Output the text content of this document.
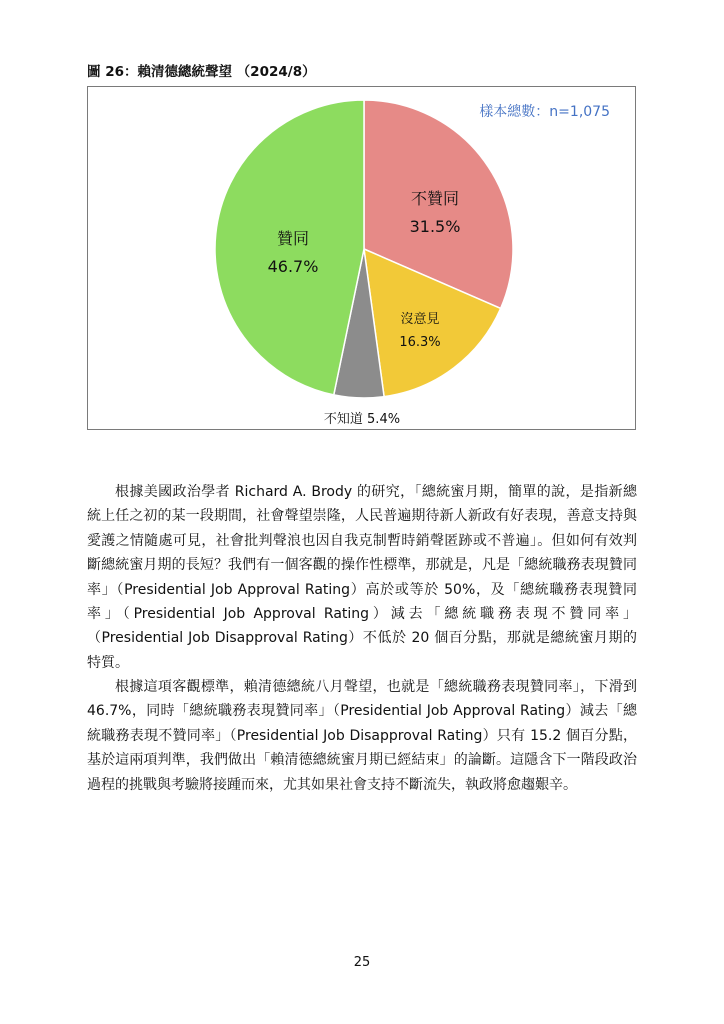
圖 26：賴清德總統聲望 （2024/8）
樣本總數：n=1,075
不贊同
31.5%
沒意見
16.3%
不知道 5.4%
贊同
46.7%
根據美國政治學者 Richard A. Brody 的研究，「總統蜜月期，簡單的說，是指新總統上任之初的某一段期間，社會聲望崇隆，人民普遍期待新人新政有好表現，善意支持與愛護之情隨處可見，社會批判聲浪也因自我克制暫時銷聲匿跡或不普遍」。但如何有效判斷總統蜜月期的長短？我們有一個客觀的操作性標準，那就是，凡是「總統職務表現贊同率」（Presidential Job Approval Rating）高於或等於 50%，及「總統職務表現贊同率」（Presidential Job Approval Rating）減去「總統職務表現不贊同率」（Presidential Job Disapproval Rating）不低於 20 個百分點，那就是總統蜜月期的特質。
根據這項客觀標準，賴清德總統八月聲望，也就是「總統職務表現贊同率」，下滑到 46.7%，同時「總統職務表現贊同率」（Presidential Job Approval Rating）減去「總統職務表現不贊同率」（Presidential Job Disapproval Rating）只有 15.2 個百分點，基於這兩項判準，我們做出「賴清德總統蜜月期已經結束」的論斷。這隱含下一階段政治過程的挑戰與考驗將接踵而來，尤其如果社會支持不斷流失，執政將愈趨艱辛。
25
